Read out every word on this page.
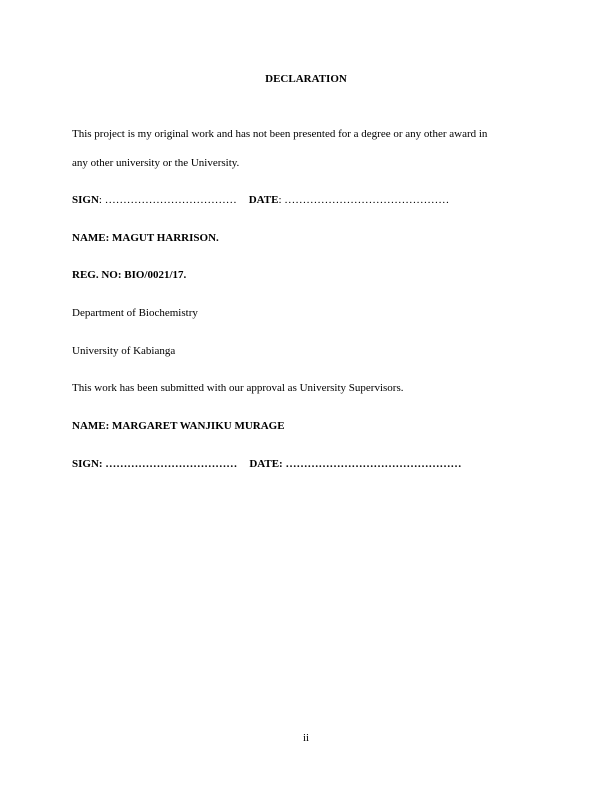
DECLARATION

This project is my original work and has not been presented for a degree or any other award in

any other university or the University.

SIGN: ……………………………… DATE: ………………………………………

NAME: MAGUT HARRISON.

REG. NO: BIO/0021/17.

Department of Biochemistry

University of Kabianga

This work has been submitted with our approval as University Supervisors.

NAME: MARGARET WANJIKU MURAGE

SIGN: ……………………………… DATE: …………………………………………

ii
